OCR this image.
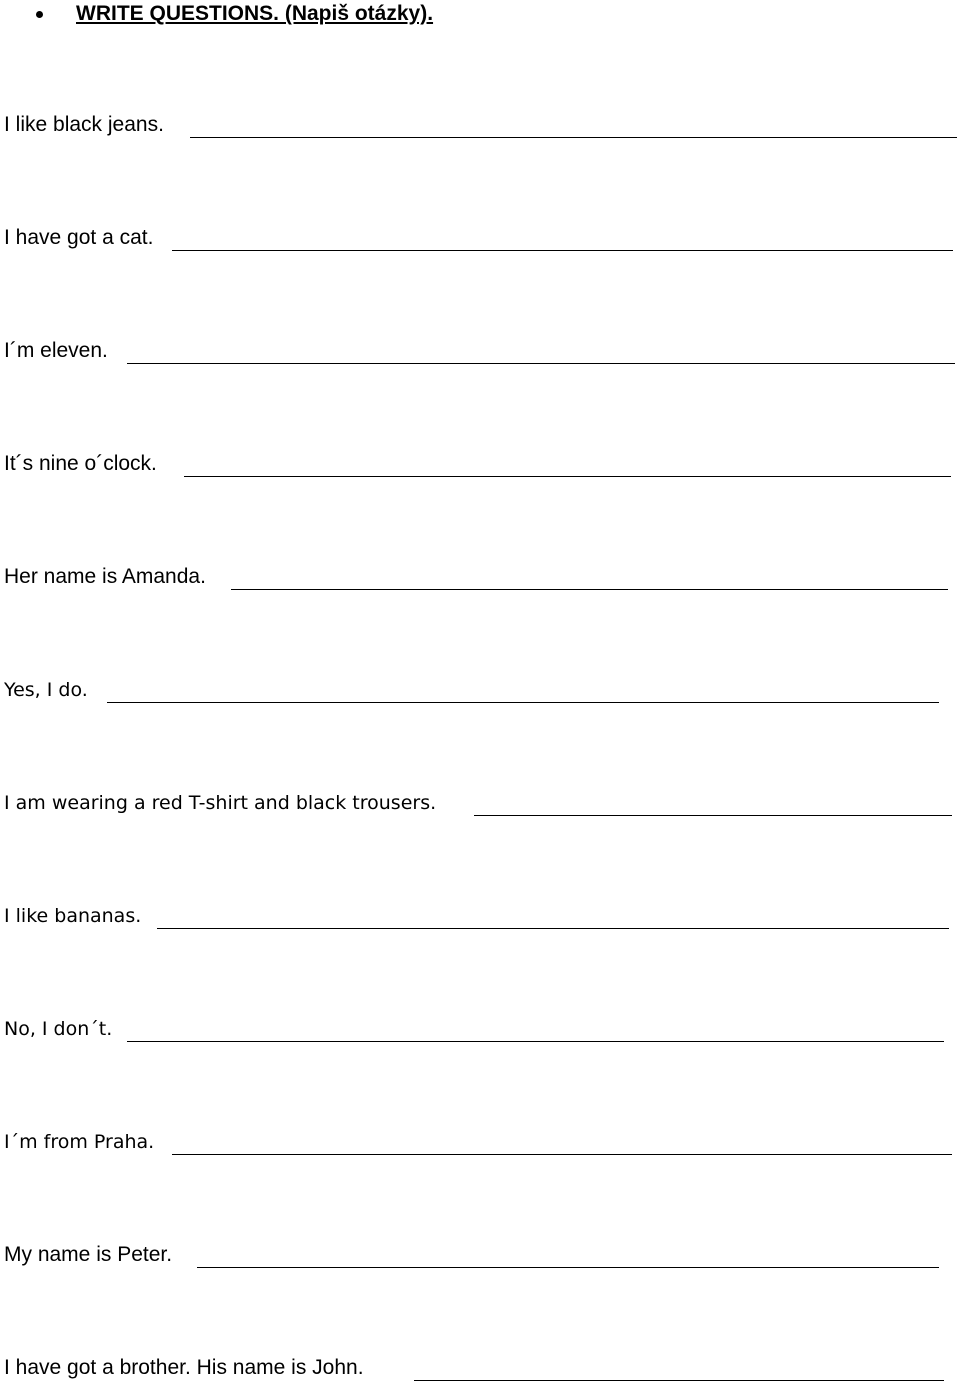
WRITE QUESTIONS. (Napiš otázky).
I like black jeans.
I have got a cat.
I´m eleven.
It´s nine o´clock.
Her name is Amanda.
Yes, I do.
I am wearing a red T-shirt and black trousers.
I like bananas.
No, I don´t.
I´m from Praha.
My name is Peter.
I have got a brother. His name is John.
